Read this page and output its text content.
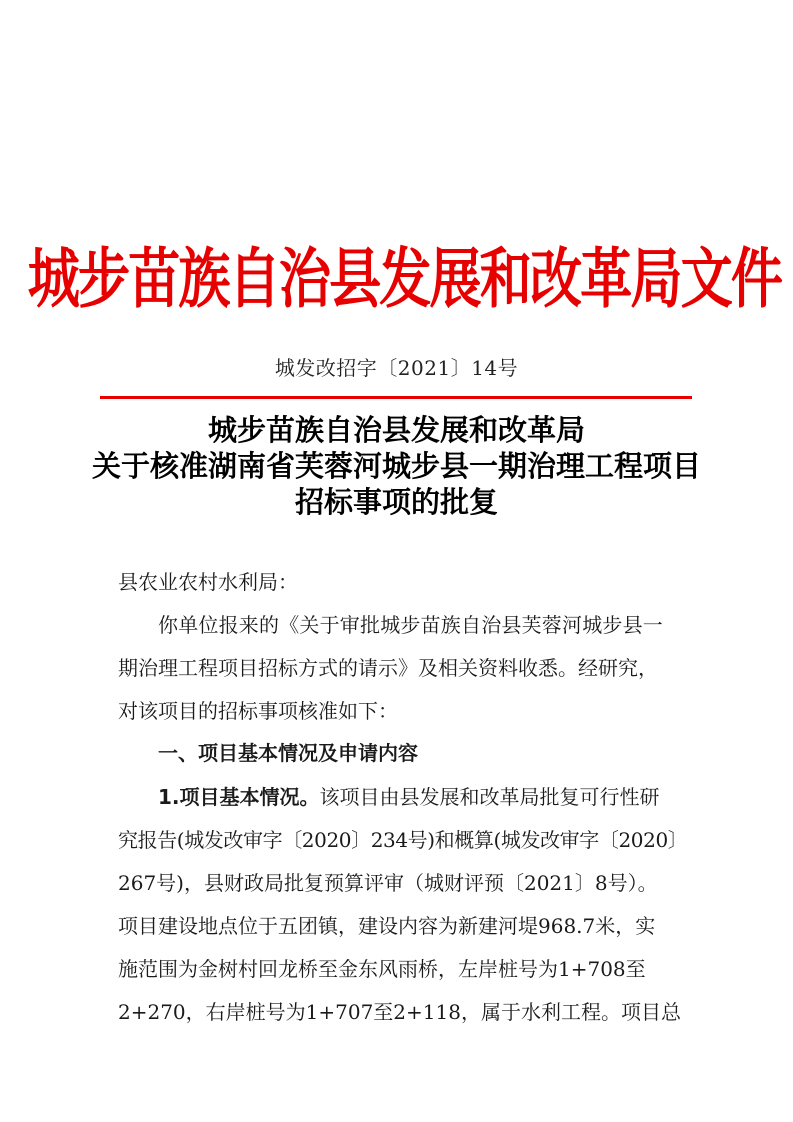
城步苗族自治县发展和改革局文件
城发改招字〔2021〕14号
城步苗族自治县发展和改革局
关于核准湖南省芙蓉河城步县一期治理工程项目
招标事项的批复
县农业农村水利局：
你单位报来的《关于审批城步苗族自治县芙蓉河城步县一
期治理工程项目招标方式的请示》及相关资料收悉。经研究，
对该项目的招标事项核准如下：
一、项目基本情况及申请内容
1.项目基本情况。该项目由县发展和改革局批复可行性研
究报告(城发改审字〔2020〕234号)和概算(城发改审字〔2020〕
267号)，县财政局批复预算评审（城财评预〔2021〕8号）。
项目建设地点位于五团镇，建设内容为新建河堤968.7米，实
施范围为金树村回龙桥至金东风雨桥，左岸桩号为1+708至
2+270，右岸桩号为1+707至2+118，属于水利工程。项目总
